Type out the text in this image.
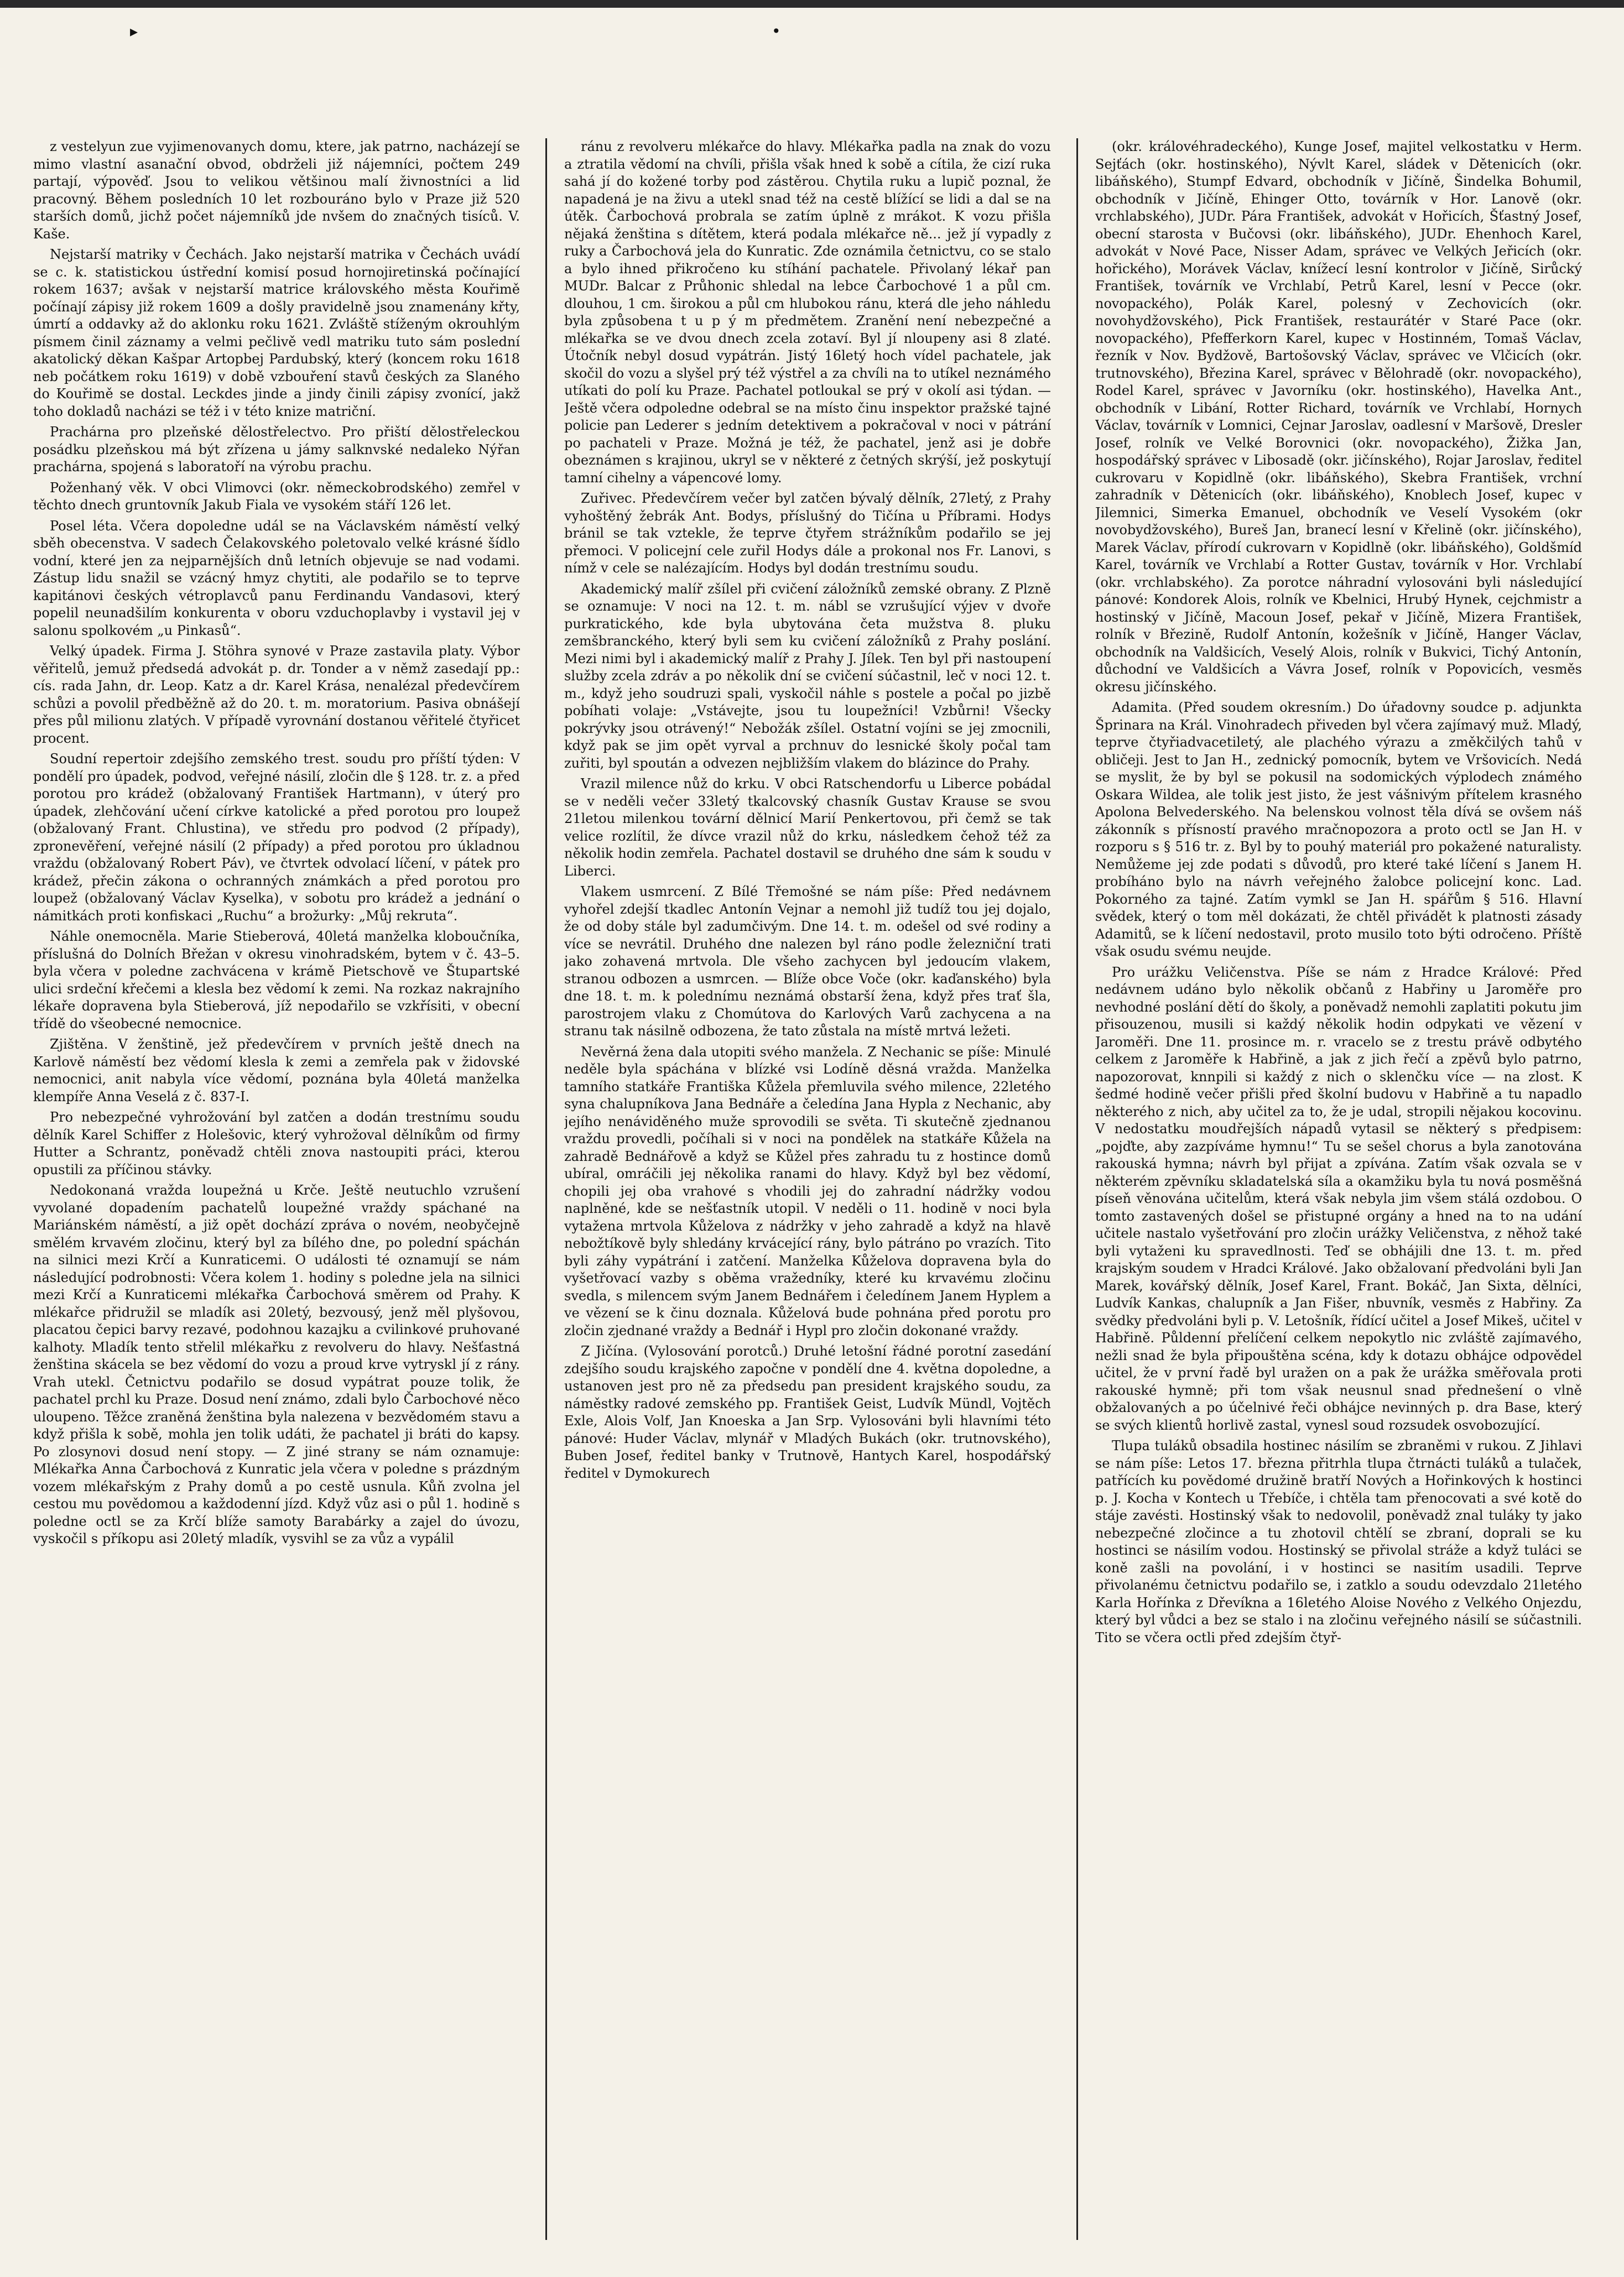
▸	•

z vestelyun zue vyjimenovanych domu, ktere, jak patrno, nacházejí se mimo vlastní asanační obvod, obdrželi již nájemníci, počtem 249 partají, výpověď. Jsou to velikou většinou malí živnostníci a lid pracovný. Během posledních 10 let rozbouráno bylo v Praze již 520 starších domů, jichž počet nájemníků jde nvšem do značných tisíců. V. Kaše.

Nejstarší matriky v Čechách. Jako nejstarší matrika v Čechách uvádí se c. k. statistickou ústřední komisí posud hornojiretinská počínající rokem 1637; avšak v nejstarší matrice královského města Kouřimě počínají zápisy již rokem 1609 a došly pravidelně jsou znamenány křty, úmrtí a oddavky až do aklonku roku 1621. Zvláště stíženým okrouhlým písmem činil záznamy a velmi pečlivě vedl matriku tuto sám poslední akatolický děkan Kašpar Artopbej Pardubský, který (koncem roku 1618 neb počátkem roku 1619) v době vzbouření stavů českých za Slaného do Kouřimě se dostal. Leckdes jinde a jindy činili zápisy zvonící, jakž toho dokladů nacházi se též i v této knize matriční.

Prachárna pro plzeňské dělostřelectvo. Pro přiští dělostřeleckou posádku plzeňskou má být zřízena u jámy salknvské nedaleko Nýřan prachárna, spojená s laboratoří na výrobu prachu.

Poženhaný věk. V obci Vlimovci (okr. německobrodského) zemřel v těchto dnech gruntovník Jakub Fiala ve vysokém stáří 126 let.

Posel léta. Včera dopoledne udál se na Václavském náměstí velký sběh obecenstva. V sadech Čelakovského poletovalo velké krásné šídlo vodní, které jen za nejparnějších dnů letních objevuje se nad vodami. Zástup lidu snažil se vzácný hmyz chytiti, ale podařilo se to teprve kapitánovi českých vétroplavců panu Ferdinandu Vandasovi, který popelil neunadšilím konkurenta v oboru vzduchoplavby i vystavil jej v salonu spolkovém „u Pinkasů“.

Velký úpadek. Firma J. Stöhra synové v Praze zastavila platy. Výbor věřitelů, jemuž předsedá advokát p. dr. Tonder a v němž zasedají pp.: cís. rada Jahn, dr. Leop. Katz a dr. Karel Krása, nenalézal předevčírem schůzi a povolil předběžně až do 20. t. m. moratorium. Pasiva obnášejí přes půl milionu zlatých. V případě vyrovnání dostanou věřitelé čtyřicet procent.

Soudní repertoir zdejšího zemského trest. soudu pro příští týden: V pondělí pro úpadek, podvod, veřejné násilí, zločin dle § 128. tr. z. a před porotou pro krádež (obžalovaný František Hartmann), v úterý pro úpadek, zlehčování učení církve katolické a před porotou pro loupež (obžalovaný Frant. Chlustina), ve středu pro podvod (2 případy), zpronevěření, veřejné násilí (2 případy) a před porotou pro úkladnou vraždu (obžalovaný Robert Páv), ve čtvrtek odvolací líčení, v pátek pro krádež, přečin zákona o ochranných známkách a před porotou pro loupež (obžalovaný Václav Kyselka), v sobotu pro krádež a jednání o námitkách proti konfiskaci „Ruchu“ a brožurky: „Můj rekruta“.

Náhle onemocněla. Marie Stieberová, 40letá manželka kloboučníka, příslušná do Dolních Břežan v okresu vinohradském, bytem v č. 43–5. byla včera v poledne zachvácena v krámě Pietschově ve Štupartské ulici srdeční křečemi a klesla bez vědomí k zemi. Na rozkaz nakrajního lékaře dopravena byla Stieberová, jíž nepodařilo se vzkřísiti, v obecní třídě do všeobecné nemocnice.

Zjištěna. V ženštině, jež předevčírem v prvních ještě dnech na Karlově náměstí bez vědomí klesla k zemi a zemřela pak v židovské nemocnici, anit nabyla více vědomí, poznána byla 40letá manželka klempíře Anna Veselá z č. 837-I.

Pro nebezpečné vyhrožování byl zatčen a dodán trestnímu soudu dělník Karel Schiffer z Holešovic, který vyhrožoval dělníkům od firmy Hutter a Schrantz, poněvadž chtěli znova nastoupiti práci, kterou opustili za příčinou stávky.

Nedokonaná vražda loupežná u Krče. Ještě neutuchlo vzrušení vyvolané dopadením pachatelů loupežné vraždy spáchané na Mariánském náměstí, a již opět dochází zpráva o novém, neobyčejně smělém krvavém zločinu, který byl za bílého dne, po polední spáchán na silnici mezi Krčí a Kunraticemi. O události té oznamují se nám následující podrobnosti: Včera kolem 1. hodiny s poledne jela na silnici mezi Krčí a Kunraticemi mlékařka Čarbochová směrem od Prahy. K mlékařce přidružil se mladík asi 20letý, bezvousý, jenž měl plyšovou, placatou čepici barvy rezavé, podohnou kazajku a cvilinkové pruhované kalhoty. Mladík tento střelil mlékařku z revolveru do hlavy. Nešťastná ženština skácela se bez vědomí do vozu a proud krve vytryskl jí z rány. Vrah utekl. Četnictvu podařilo se dosud vypátrat pouze tolik, že pachatel prchl ku Praze. Dosud není známo, zdali bylo Čarbochové něco uloupeno. Těžce zraněná ženština byla nalezena v bezvědomém stavu a když přišla k sobě, mohla jen tolik udáti, že pachatel ji bráti do kapsy. Po zlosynovi dosud není stopy. — Z jiné strany se nám oznamuje: Mlékařka Anna Čarbochová z Kunratic jela včera v poledne s prázdným vozem mlékařským z Prahy domů a po cestě usnula. Kůň zvolna jel cestou mu povědomou a každodenní jízd. Když vůz asi o půl 1. hodině s poledne octl se za Krčí blíže samoty Barabárky a zajel do úvozu, vyskočil s příkopu asi 20letý mladík, vysvihl se za vůz a vypálil

ránu z revolveru mlékařce do hlavy. Mlékařka padla na znak do vozu a ztratila vědomí na chvíli, přišla však hned k sobě a cítila, že cizí ruka sahá jí do kožené torby pod zástěrou. Chytila ruku a lupič poznal, že napadená je na živu a utekl snad též na cestě blížící se lidi a dal se na útěk. Čarbochová probrala se zatím úplně z mrákot. K vozu přišla nějaká ženština s dítětem, která podala mlékařce ně... jež jí vypadly z ruky a Čarbochová jela do Kunratic. Zde oznámila četnictvu, co se stalo a bylo ihned přikročeno ku stíhání pachatele. Přivolaný lékař pan MUDr. Balcar z Průhonic shledal na lebce Čarbochové 1 a půl cm. dlouhou, 1 cm. širokou a půl cm hlubokou ránu, která dle jeho náhledu byla způsobena t u p ý m předmětem. Zranění není nebezpečné a mlékařka se ve dvou dnech zcela zotaví. Byl jí nloupeny asi 8 zlaté. Útočník nebyl dosud vypátrán. Jistý 16letý hoch vídel pachatele, jak skočil do vozu a slyšel prý též výstřel a za chvíli na to utíkel neznámého utíkati do polí ku Praze. Pachatel potloukal se prý v okolí asi týdan. — Ještě včera odpoledne odebral se na místo činu inspektor pražské tajné policie pan Lederer s jedním detektivem a pokračoval v noci v pátrání po pachateli v Praze. Možná je též, že pachatel, jenž asi je dobře obeznámen s krajinou, ukryl se v některé z četných skrýší, jež poskytují tamní cihelny a vápencové lomy.

Zuřivec. Předevčírem večer byl zatčen bývalý dělník, 27letý, z Prahy vyhoštěný žebrák Ant. Bodys, příslušný do Tičína u Příbrami. Hodys bránil se tak vztekle, že teprve čtyřem strážníkům podařilo se jej přemoci. V policejní cele zuřil Hodys dále a prokonal nos Fr. Lanovi, s nímž v cele se nalézajícím. Hodys byl dodán trestnímu soudu.

Akademický malíř zšílel při cvičení záložníků zemské obrany. Z Plzně se oznamuje: V noci na 12. t. m. nábl se vzrušující výjev v dvoře purkratického, kde byla ubytována četa mužstva 8. pluku zemšbranckého, který byli sem ku cvičení záložníků z Prahy poslání. Mezi nimi byl i akademický malíř z Prahy J. Jílek. Ten byl při nastoupení služby zcela zdráv a po několik dní se cvičení súčastnil, leč v noci 12. t. m., když jeho soudruzi spali, vyskočil náhle s postele a počal po jizbě pobíhati volaje: „Vstávejte, jsou tu loupežníci! Vzbůrni! Všecky pokrývky jsou otrávený!“ Nebožák zšílel. Ostatní vojíni se jej zmocnili, když pak se jim opět vyrval a prchnuv do lesnické školy počal tam zuřiti, byl spoután a odvezen nejbližším vlakem do blázince do Prahy.

Vrazil milence nůž do krku. V obci Ratschendorfu u Liberce pobádal se v neděli večer 33letý tkalcovský chasník Gustav Krause se svou 21letou milenkou tovární dělnicí Marií Penkertovou, při čemž se tak velice rozlítil, že dívce vrazil nůž do krku, následkem čehož též za několik hodin zemřela. Pachatel dostavil se druhého dne sám k soudu v Liberci.

Vlakem usmrcení. Z Bílé Třemošné se nám píše: Před nedávnem vyhořel zdejší tkadlec Antonín Vejnar a nemohl již tudíž tou jej dojalo, že od doby stále byl zadumčivým. Dne 14. t. m. odešel od své rodiny a více se nevrátil. Druhého dne nalezen byl ráno podle železniční trati jako zohavená mrtvola. Dle všeho zachycen byl jedoucím vlakem, stranou odbozen a usmrcen. — Blíže obce Voče (okr. kaďanského) byla dne 18. t. m. k polednímu neznámá obstarší žena, když přes trať šla, parostrojem vlaku z Chomútova do Karlových Varů zachycena a na stranu tak násilně odbozena, že tato zůstala na místě mrtvá ležeti.

Nevěrná žena dala utopiti svého manžela. Z Nechanic se píše: Minulé neděle byla spáchána v blízké vsi Lodíně děsná vražda. Manželka tamního statkáře Františka Kůžela přemluvila svého milence, 22letého syna chalupníkova Jana Bednáře a čeledína Jana Hypla z Nechanic, aby jejího nenáviděného muže sprovodili se světa. Ti skutečně zjednanou vraždu provedli, počíhali si v noci na pondělek na statkáře Kůžela na zahradě Bednářově a když se Kůžel přes zahradu tu z hostince domů ubíral, omráčili jej několika ranami do hlavy. Když byl bez vědomí, chopili jej oba vrahové s vhodili jej do zahradní nádržky vodou naplněné, kde se nešťastník utopil. V neděli o 11. hodině v noci byla vytažena mrtvola Kůželova z nádržky v jeho zahradě a když na hlavě nebožtíkově byly shledány krvácející rány, bylo pátráno po vrazích. Tito byli záhy vypátrání i zatčení. Manželka Kůželova dopravena byla do vyšetřovací vazby s oběma vražedníky, které ku krvavému zločinu svedla, s milencem svým Janem Bednářem i čeledínem Janem Hyplem a ve vězení se k činu doznala. Kůželová bude pohnána před porotu pro zločin zjednané vraždy a Bednář i Hypl pro zločin dokonané vraždy.

Z Jičína. (Vylosování porotců.) Druhé letošní řádné porotní zasedání zdejšího soudu krajského započne v pondělí dne 4. května dopoledne, a ustanoven jest pro ně za předsedu pan president krajského soudu, za náměstky radové zemského pp. František Geist, Ludvík Mündl, Vojtěch Exle, Alois Volf, Jan Knoeska a Jan Srp. Vylosováni byli hlavními této pánové: Huder Václav, mlynář v Mladých Bukách (okr. trutnovského), Buben Josef, ředitel banky v Trutnově, Hantych Karel, hospodářský ředitel v Dymokurech

(okr. královéhradeckého), Kunge Josef, majitel velkostatku v Herm. Sejťách (okr. hostinského), Nývlt Karel, sládek v Dětenicích (okr. libáňského), Stumpf Edvard, obchodník v Jičíně, Šindelka Bohumil, obchodník v Jičíně, Ehinger Otto, továrník v Hor. Lanově (okr. vrchlabského), JUDr. Pára František, advokát v Hořicích, Šťastný Josef, obecní starosta v Bučovsi (okr. libáňského), JUDr. Ehenhoch Karel, advokát v Nové Pace, Nisser Adam, správec ve Velkých Jeřicích (okr. hořického), Morávek Václav, knížecí lesní kontrolor v Jičíně, Sirůcký František, továrník ve Vrchlabí, Petrů Karel, lesní v Pecce (okr. novopackého), Polák Karel, polesný v Zechovicích (okr. novohydžovského), Pick František, restaurátér v Staré Pace (okr. novopackého), Pfefferkorn Karel, kupec v Hostinném, Tomaš Václav, řezník v Nov. Bydžově, Bartošovský Václav, správec ve Vlčicích (okr. trutnovského), Březina Karel, správec v Bělohradě (okr. novopackého), Rodel Karel, správec v Javorníku (okr. hostinského), Havelka Ant., obchodník v Libání, Rotter Richard, továrník ve Vrchlabí, Hornych Václav, továrník v Lomnici, Cejnar Jaroslav, oadlesní v Maršově, Dresler Josef, rolník ve Velké Borovnici (okr. novopackého), Žižka Jan, hospodářský správec v Libosadě (okr. jičínského), Rojar Jaroslav, ředitel cukrovaru v Kopidlně (okr. libáňského), Skebra František, vrchní zahradník v Dětenicích (okr. libáňského), Knoblech Josef, kupec v Jilemnici, Simerka Emanuel, obchodník ve Veselí Vysokém (okr novobydžovského), Bureš Jan, branecí lesní v Křelině (okr. jičínského), Marek Václav, přírodí cukrovarn v Kopidlně (okr. libáňského), Goldšmíd Karel, továrník ve Vrchlabí a Rotter Gustav, továrník v Hor. Vrchlabí (okr. vrchlabského). Za porotce náhradní vylosováni byli následující pánové: Kondorek Alois, rolník ve Kbelnici, Hrubý Hynek, cejchmistr a hostinský v Jičíně, Macoun Josef, pekař v Jičíně, Mizera František, rolník v Březině, Rudolf Antonín, kožešník v Jičíně, Hanger Václav, obchodník na Valdšicích, Veselý Alois, rolník v Bukvici, Tichý Antonín, důchodní ve Valdšicích a Vávra Josef, rolník v Popovicích, vesměs okresu jičínského.

Adamita. (Před soudem okresním.) Do úřadovny soudce p. adjunkta Šprinara na Král. Vinohradech přiveden byl včera zajímavý muž. Mladý, teprve čtyřiadvacetiletý, ale plachého výrazu a změkčilých tahů v obličeji. Jest to Jan H., zednický pomocník, bytem ve Vršovicích. Nedá se myslit, že by byl se pokusil na sodomických výplodech známého Oskara Wildea, ale tolik jest jisto, že jest vášnivým přítelem krasného Apolona Belvederského. Na belenskou volnost těla dívá se ovšem náš zákonník s přísností pravého mračnopozora a proto octl se Jan H. v rozporu s § 516 tr. z. Byl by to pouhý materiál pro pokažené naturalisty. Nemůžeme jej zde podati s důvodů, pro které také líčení s Janem H. probíháno bylo na návrh veřejného žalobce policejní konc. Lad. Pokorného za tajné. Zatím vymkl se Jan H. spářům § 516. Hlavní svědek, který o tom měl dokázati, že chtěl přivádět k platnosti zásady Adamitů, se k líčení nedostavil, proto musilo toto býti odročeno. Příště však osudu svému neujde.

Pro urážku Veličenstva. Píše se nám z Hradce Králové: Před nedávnem udáno bylo několik občanů z Habřiny u Jaroměře pro nevhodné poslání dětí do školy, a poněvadž nemohli zaplatiti pokutu jim přisouzenou, musili si každý několik hodin odpykati ve vězení v Jaroměři. Dne 11. prosince m. r. vracelo se z trestu právě odbytého celkem z Jaroměře k Habřině, a jak z jich řečí a zpěvů bylo patrno, napozorovat, knnpili si každý z nich o sklenčku více — na zlost. K šedmé hodině večer přišli před školní budovu v Habřině a tu napadlo některého z nich, aby učitel za to, že je udal, stropili nějakou kocovinu. V nedostatku moudřejších nápadů vytasil se některý s předpisem: „pojďte, aby zazpíváme hymnu!“ Tu se sešel chorus a byla zanotována rakouská hymna; návrh byl přijat a zpívána. Zatím však ozvala se v některém zpěvníku skladatelská síla a okamžiku byla tu nová posměšná píseň věnována učitelům, která však nebyla jim všem stálá ozdobou. O tomto zastavených došel se přistupné orgány a hned na to na udání učitele nastalo vyšetřování pro zločin urážky Veličenstva, z něhož také byli vytaženi ku spravedlnosti. Teď se obhájili dne 13. t. m. před krajským soudem v Hradci Králové. Jako obžalovaní předvoláni byli Jan Marek, kovářský dělník, Josef Karel, Frant. Bokáč, Jan Sixta, dělníci, Ludvík Kankas, chalupník a Jan Fišer, nbuvník, vesměs z Habřiny. Za svědky předvoláni byli p. V. Letošník, řídící učitel a Josef Mikeš, učitel v Habřině. Půldenní přelíčení celkem nepokytlo nic zvláště zajímavého, nežli snad že byla připouštěna scéna, kdy k dotazu obhájce odpovědel učitel, že v první řadě byl uražen on a pak že urážka směřovala proti rakouské hymně; při tom však neusnul snad přednešení o vlně obžalovaných a po účelnivé řeči obhájce nevinných p. dra Base, který se svých klientů horlivě zastal, vynesl soud rozsudek osvobozující.

Tlupa tuláků obsadila hostinec násilím se zbraněmi v rukou. Z Jihlavi se nám píše: Letos 17. března přitrhla tlupa čtrnácti tuláků a tulaček, patřících ku povědomé družině bratří Nových a Hořinkových k hostinci p. J. Kocha v Kontech u Třebíče, i chtěla tam přenocovati a své kotě do stáje zavésti. Hostinský však to nedovolil, poněvadž znal tuláky ty jako nebezpečné zločince a tu zhotovil chtělí se zbraní, doprali se ku hostinci se násilím vodou. Hostinský se přivolal stráže a když tuláci se koně zašli na povolání, i v hostinci se nasitím usadili. Teprve přivolanému četnictvu podařilo se, i zatklo a soudu odevzdalo 21letého Karla Hořínka z Dřevíkna a 16letého Aloise Nového z Velkého Onjezdu, který byl vůdci a bez se stalo i na zločinu veřejného násilí se súčastnili. Tito se včera octli před zdejším čtyř-
